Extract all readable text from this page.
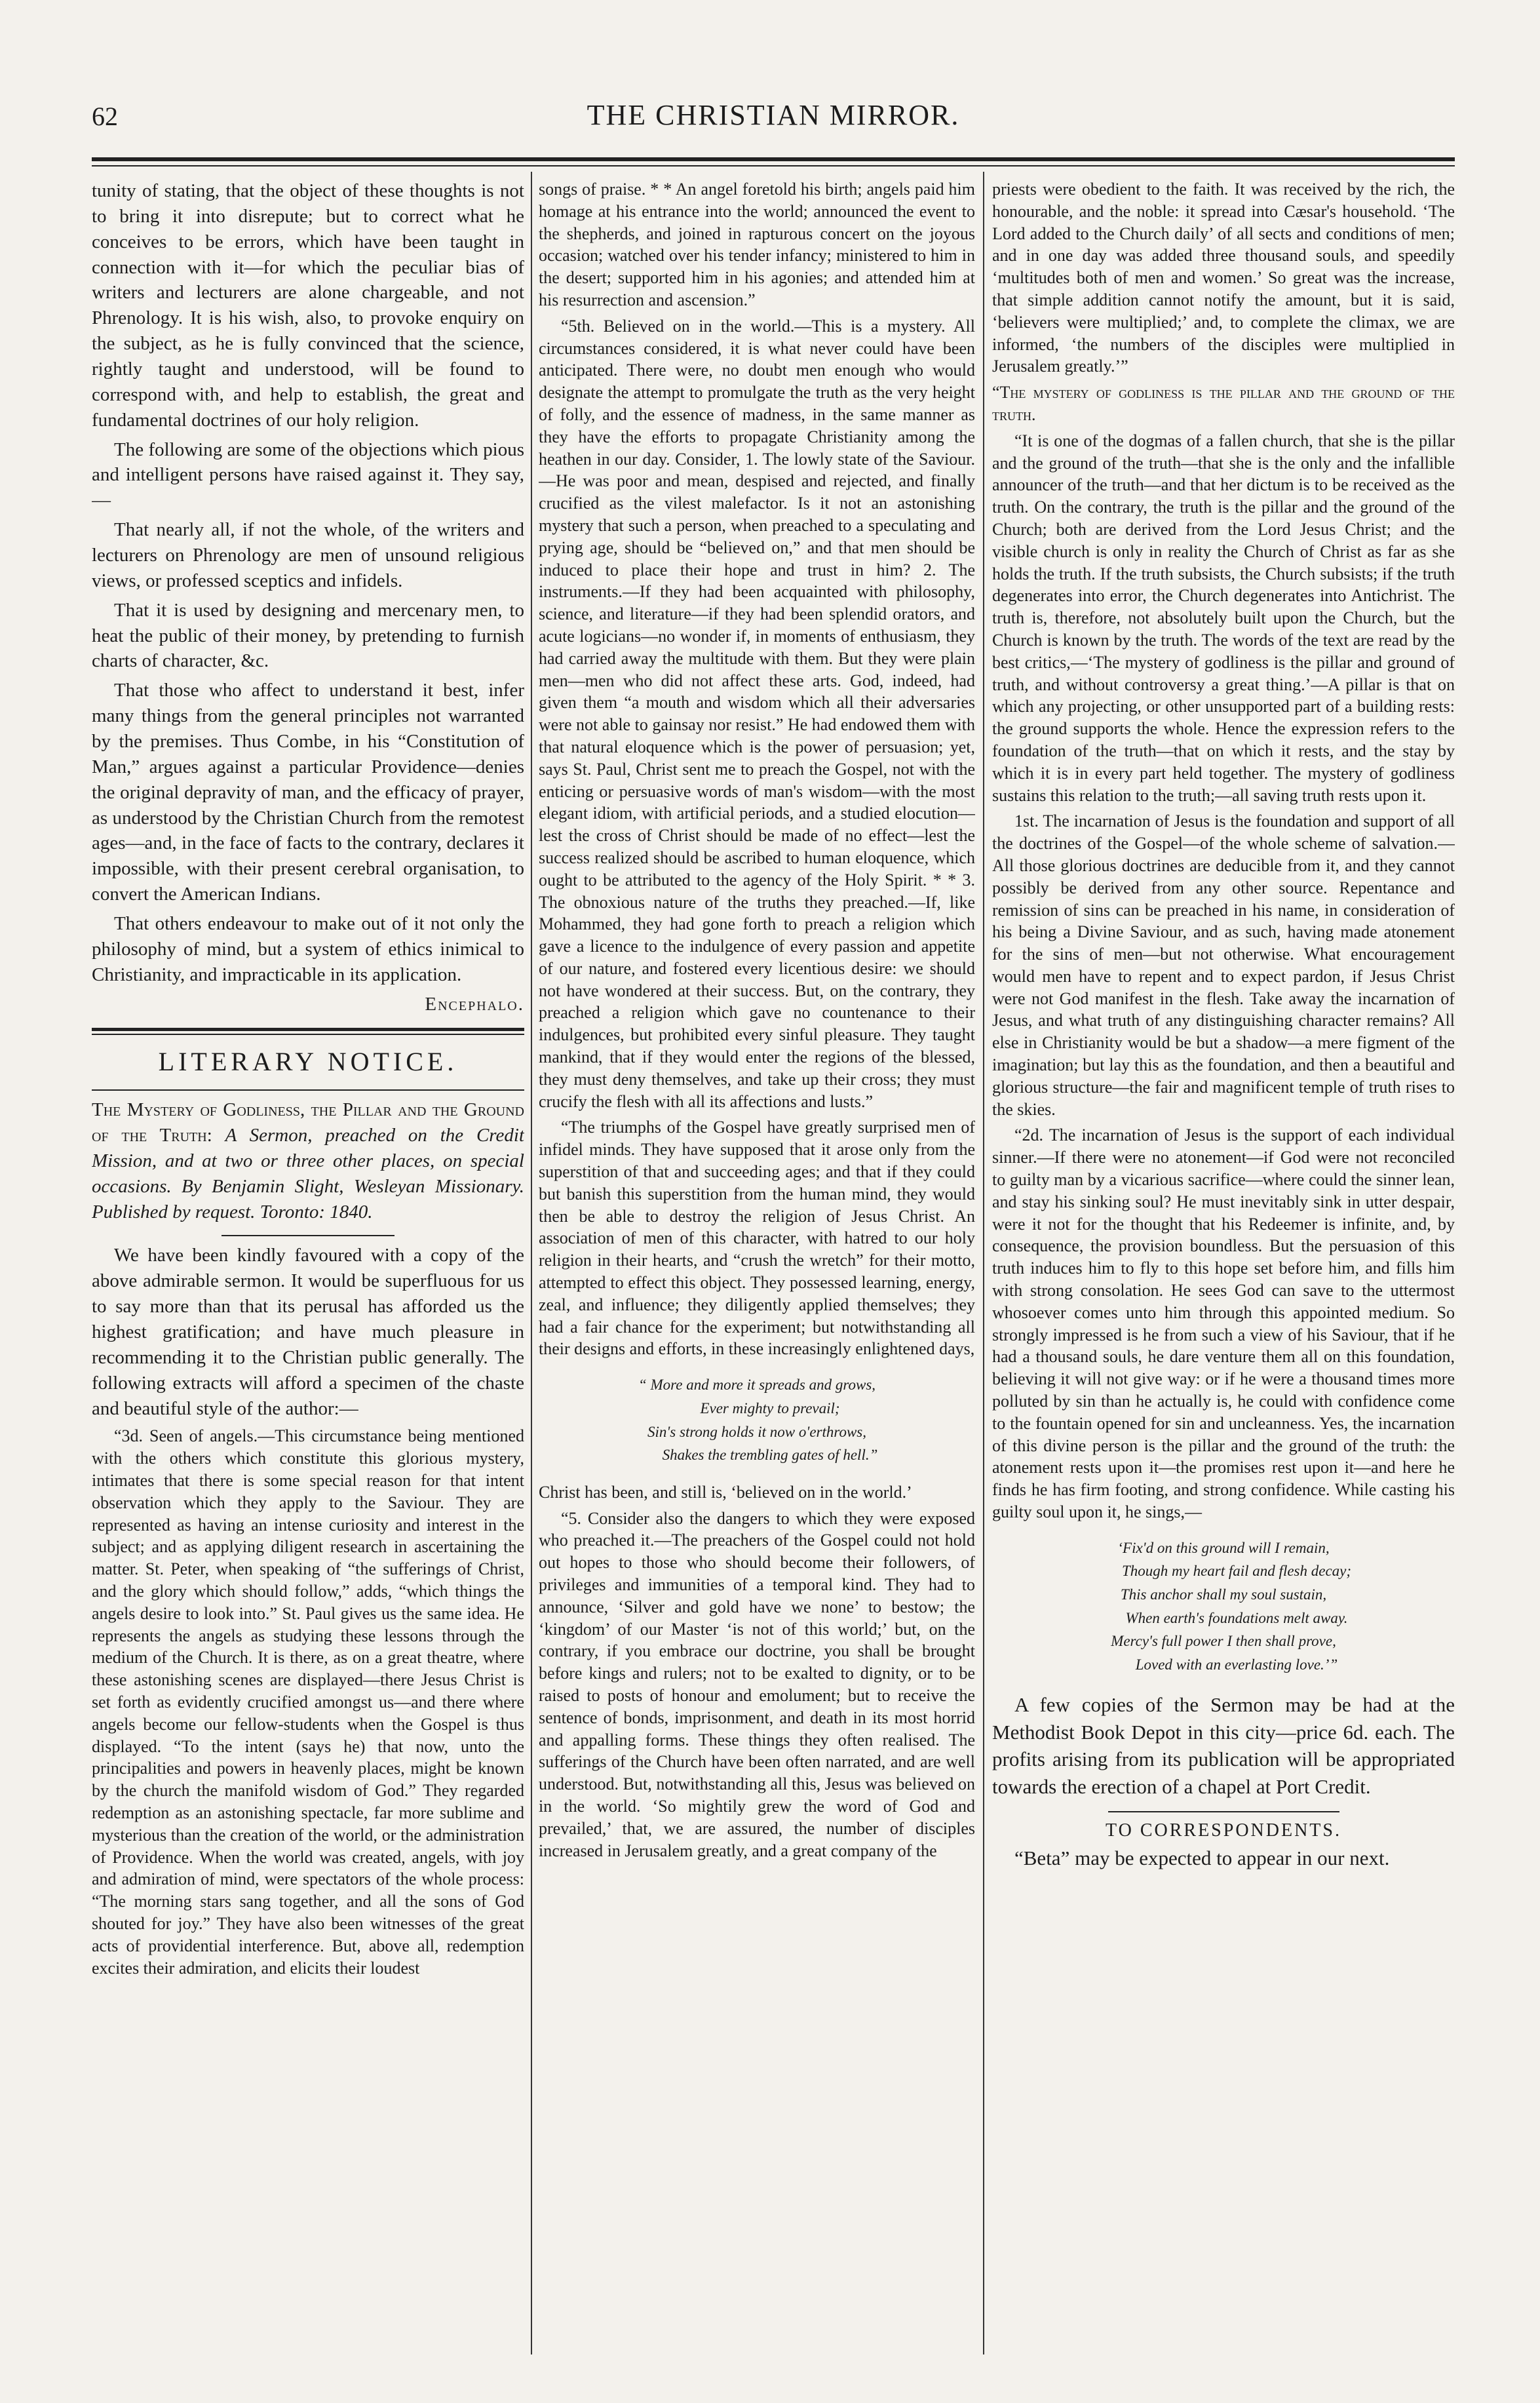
62	THE CHRISTIAN MIRROR.

tunity of stating, that the object of these thoughts is not to bring it into disrepute; but to correct what he conceives to be errors, which have been taught in connection with it—for which the peculiar bias of writers and lecturers are alone chargeable, and not Phrenology. It is his wish, also, to provoke enquiry on the subject, as he is fully convinced that the science, rightly taught and understood, will be found to correspond with, and help to establish, the great and fundamental doctrines of our holy religion.

The following are some of the objections which pious and intelligent persons have raised against it. They say,—

That nearly all, if not the whole, of the writers and lecturers on Phrenology are men of unsound religious views, or professed sceptics and infidels.

That it is used by designing and mercenary men, to heat the public of their money, by pretending to furnish charts of character, &c.

That those who affect to understand it best, infer many things from the general principles not warranted by the premises. Thus Combe, in his “Constitution of Man,” argues against a particular Providence—denies the original depravity of man, and the efficacy of prayer, as understood by the Christian Church from the remotest ages—and, in the face of facts to the contrary, declares it impossible, with their present cerebral organisation, to convert the American Indians.

That others endeavour to make out of it not only the philosophy of mind, but a system of ethics inimical to Christianity, and impracticable in its application.

Encephalo.
LITERARY NOTICE.

The Mystery of Godliness, the Pillar and the Ground of the Truth: A Sermon, preached on the Credit Mission, and at two or three other places, on special occasions. By Benjamin Slight, Wesleyan Missionary. Published by request. Toronto: 1840.

We have been kindly favoured with a copy of the above admirable sermon. It would be superfluous for us to say more than that its perusal has afforded us the highest gratification; and have much pleasure in recommending it to the Christian public generally. The following extracts will afford a specimen of the chaste and beautiful style of the author:—

“3d. Seen of angels.—This circumstance being mentioned with the others which constitute this glorious mystery, intimates that there is some special reason for that intent observation which they apply to the Saviour. They are represented as having an intense curiosity and interest in the subject; and as applying diligent research in ascertaining the matter. St. Peter, when speaking of “the sufferings of Christ, and the glory which should follow,” adds, “which things the angels desire to look into.” St. Paul gives us the same idea. He represents the angels as studying these lessons through the medium of the Church. It is there, as on a great theatre, where these astonishing scenes are displayed—there Jesus Christ is set forth as evidently crucified amongst us—and there where angels become our fellow-students when the Gospel is thus displayed. “To the intent (says he) that now, unto the principalities and powers in heavenly places, might be known by the church the manifold wisdom of God.” They regarded redemption as an astonishing spectacle, far more sublime and mysterious than the creation of the world, or the administration of Providence. When the world was created, angels, with joy and admiration of mind, were spectators of the whole process: “The morning stars sang together, and all the sons of God shouted for joy.” They have also been witnesses of the great acts of providential interference. But, above all, redemption excites their admiration, and elicits their loudest

songs of praise. * * An angel foretold his birth; angels paid him homage at his entrance into the world; announced the event to the shepherds, and joined in rapturous concert on the joyous occasion; watched over his tender infancy; ministered to him in the desert; supported him in his agonies; and attended him at his resurrection and ascension.”

“5th. Believed on in the world.—This is a mystery. All circumstances considered, it is what never could have been anticipated. There were, no doubt men enough who would designate the attempt to promulgate the truth as the very height of folly, and the essence of madness, in the same manner as they have the efforts to propagate Christianity among the heathen in our day. Consider, 1. The lowly state of the Saviour.—He was poor and mean, despised and rejected, and finally crucified as the vilest malefactor. Is it not an astonishing mystery that such a person, when preached to a speculating and prying age, should be “believed on,” and that men should be induced to place their hope and trust in him? 2. The instruments.—If they had been acquainted with philosophy, science, and literature—if they had been splendid orators, and acute logicians—no wonder if, in moments of enthusiasm, they had carried away the multitude with them. But they were plain men—men who did not affect these arts. God, indeed, had given them “a mouth and wisdom which all their adversaries were not able to gainsay nor resist.” He had endowed them with that natural eloquence which is the power of persuasion; yet, says St. Paul, Christ sent me to preach the Gospel, not with the enticing or persuasive words of man's wisdom—with the most elegant idiom, with artificial periods, and a studied elocution—lest the cross of Christ should be made of no effect—lest the success realized should be ascribed to human eloquence, which ought to be attributed to the agency of the Holy Spirit. * * 3. The obnoxious nature of the truths they preached.—If, like Mohammed, they had gone forth to preach a religion which gave a licence to the indulgence of every passion and appetite of our nature, and fostered every licentious desire: we should not have wondered at their success. But, on the contrary, they preached a religion which gave no countenance to their indulgences, but prohibited every sinful pleasure. They taught mankind, that if they would enter the regions of the blessed, they must deny themselves, and take up their cross; they must crucify the flesh with all its affections and lusts.”

“The triumphs of the Gospel have greatly surprised men of infidel minds. They have supposed that it arose only from the superstition of that and succeeding ages; and that if they could but banish this superstition from the human mind, they would then be able to destroy the religion of Jesus Christ. An association of men of this character, with hatred to our holy religion in their hearts, and “crush the wretch” for their motto, attempted to effect this object. They possessed learning, energy, zeal, and influence; they diligently applied themselves; they had a fair chance for the experiment; but notwithstanding all their designs and efforts, in these increasingly enlightened days,

“ More and more it spreads and grows,
Ever mighty to prevail;
Sin's strong holds it now o'erthrows,
Shakes the trembling gates of hell.”

Christ has been, and still is, ‘believed on in the world.’

“5. Consider also the dangers to which they were exposed who preached it.—The preachers of the Gospel could not hold out hopes to those who should become their followers, of privileges and immunities of a temporal kind. They had to announce, ‘Silver and gold have we none’ to bestow; the ‘kingdom’ of our Master ‘is not of this world;’ but, on the contrary, if you embrace our doctrine, you shall be brought before kings and rulers; not to be exalted to dignity, or to be raised to posts of honour and emolument; but to receive the sentence of bonds, imprisonment, and death in its most horrid and appalling forms. These things they often realised. The sufferings of the Church have been often narrated, and are well understood. But, notwithstanding all this, Jesus was believed on in the world. ‘So mightily grew the word of God and prevailed,’ that, we are assured, the number of disciples increased in Jerusalem greatly, and a great company of the

priests were obedient to the faith. It was received by the rich, the honourable, and the noble: it spread into Cæsar's household. ‘The Lord added to the Church daily’ of all sects and conditions of men; and in one day was added three thousand souls, and speedily ‘multitudes both of men and women.’ So great was the increase, that simple addition cannot notify the amount, but it is said, ‘believers were multiplied;’ and, to complete the climax, we are informed, ‘the numbers of the disciples were multiplied in Jerusalem greatly.’”

“The mystery of godliness is the pillar and the ground of the truth.

“It is one of the dogmas of a fallen church, that she is the pillar and the ground of the truth—that she is the only and the infallible announcer of the truth—and that her dictum is to be received as the truth. On the contrary, the truth is the pillar and the ground of the Church; both are derived from the Lord Jesus Christ; and the visible church is only in reality the Church of Christ as far as she holds the truth. If the truth subsists, the Church subsists; if the truth degenerates into error, the Church degenerates into Antichrist. The truth is, therefore, not absolutely built upon the Church, but the Church is known by the truth. The words of the text are read by the best critics,—‘The mystery of godliness is the pillar and ground of truth, and without controversy a great thing.’—A pillar is that on which any projecting, or other unsupported part of a building rests: the ground supports the whole. Hence the expression refers to the foundation of the truth—that on which it rests, and the stay by which it is in every part held together. The mystery of godliness sustains this relation to the truth;—all saving truth rests upon it.

1st. The incarnation of Jesus is the foundation and support of all the doctrines of the Gospel—of the whole scheme of salvation.—All those glorious doctrines are deducible from it, and they cannot possibly be derived from any other source. Repentance and remission of sins can be preached in his name, in consideration of his being a Divine Saviour, and as such, having made atonement for the sins of men—but not otherwise. What encouragement would men have to repent and to expect pardon, if Jesus Christ were not God manifest in the flesh. Take away the incarnation of Jesus, and what truth of any distinguishing character remains? All else in Christianity would be but a shadow—a mere figment of the imagination; but lay this as the foundation, and then a beautiful and glorious structure—the fair and magnificent temple of truth rises to the skies.

“2d. The incarnation of Jesus is the support of each individual sinner.—If there were no atonement—if God were not reconciled to guilty man by a vicarious sacrifice—where could the sinner lean, and stay his sinking soul? He must inevitably sink in utter despair, were it not for the thought that his Redeemer is infinite, and, by consequence, the provision boundless. But the persuasion of this truth induces him to fly to this hope set before him, and fills him with strong consolation. He sees God can save to the uttermost whosoever comes unto him through this appointed medium. So strongly impressed is he from such a view of his Saviour, that if he had a thousand souls, he dare venture them all on this foundation, believing it will not give way: or if he were a thousand times more polluted by sin than he actually is, he could with confidence come to the fountain opened for sin and uncleanness. Yes, the incarnation of this divine person is the pillar and the ground of the truth: the atonement rests upon it—the promises rest upon it—and here he finds he has firm footing, and strong confidence. While casting his guilty soul upon it, he sings,—

‘Fix'd on this ground will I remain,
Though my heart fail and flesh decay;
This anchor shall my soul sustain,
When earth's foundations melt away.
Mercy's full power I then shall prove,
Loved with an everlasting love.’”

A few copies of the Sermon may be had at the Methodist Book Depot in this city—price 6d. each. The profits arising from its publication will be appropriated towards the erection of a chapel at Port Credit.

TO CORRESPONDENTS.

“Beta” may be expected to appear in our next.
